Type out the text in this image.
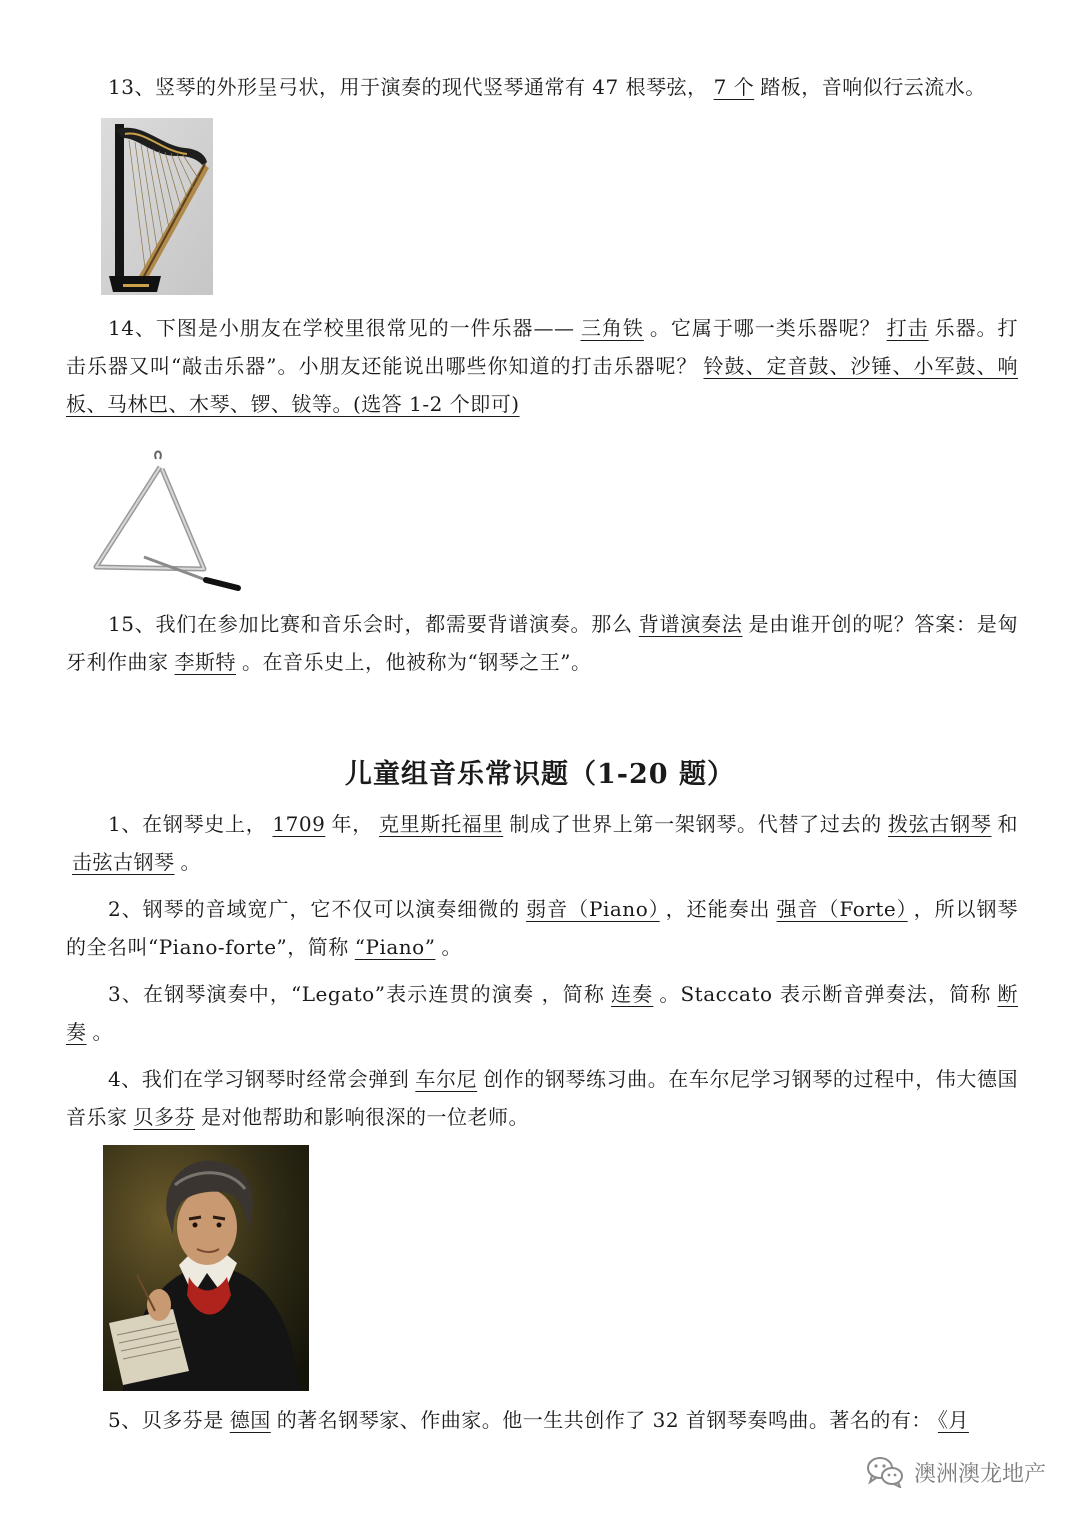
13、竖琴的外形呈弓状，用于演奏的现代竖琴通常有 47 根琴弦， 7 个 踏板，音响似行云流水。

14、下图是小朋友在学校里很常见的一件乐器—— 三角铁 。它属于哪一类乐器呢？ 打击 乐器。打击乐器又叫“敲击乐器”。小朋友还能说出哪些你知道的打击乐器呢？ 铃鼓、定音鼓、沙锤、小军鼓、响板、马林巴、木琴、锣、钹等。(选答 1-2 个即可)

15、我们在参加比赛和音乐会时，都需要背谱演奏。那么 背谱演奏法 是由谁开创的呢？答案：是匈牙利作曲家 李斯特 。在音乐史上，他被称为“钢琴之王”。

儿童组音乐常识题（1-20 题）

1、在钢琴史上， 1709 年， 克里斯托福里 制成了世界上第一架钢琴。代替了过去的 拨弦古钢琴 和击弦古钢琴 。

2、钢琴的音域宽广，它不仅可以演奏细微的 弱音（Piano） ，还能奏出 强音（Forte） ，所以钢琴的全名叫“Piano-forte”，简称 “Piano” 。

3、在钢琴演奏中，“Legato”表示连贯的演奏 ，简称 连奏 。Staccato 表示断音弹奏法，简称 断奏 。

4、我们在学习钢琴时经常会弹到 车尔尼 创作的钢琴练习曲。在车尔尼学习钢琴的过程中，伟大德国音乐家 贝多芬 是对他帮助和影响很深的一位老师。

5、贝多芬是 德国 的著名钢琴家、作曲家。他一生共创作了 32 首钢琴奏鸣曲。著名的有： 《月

澳洲澳龙地产
